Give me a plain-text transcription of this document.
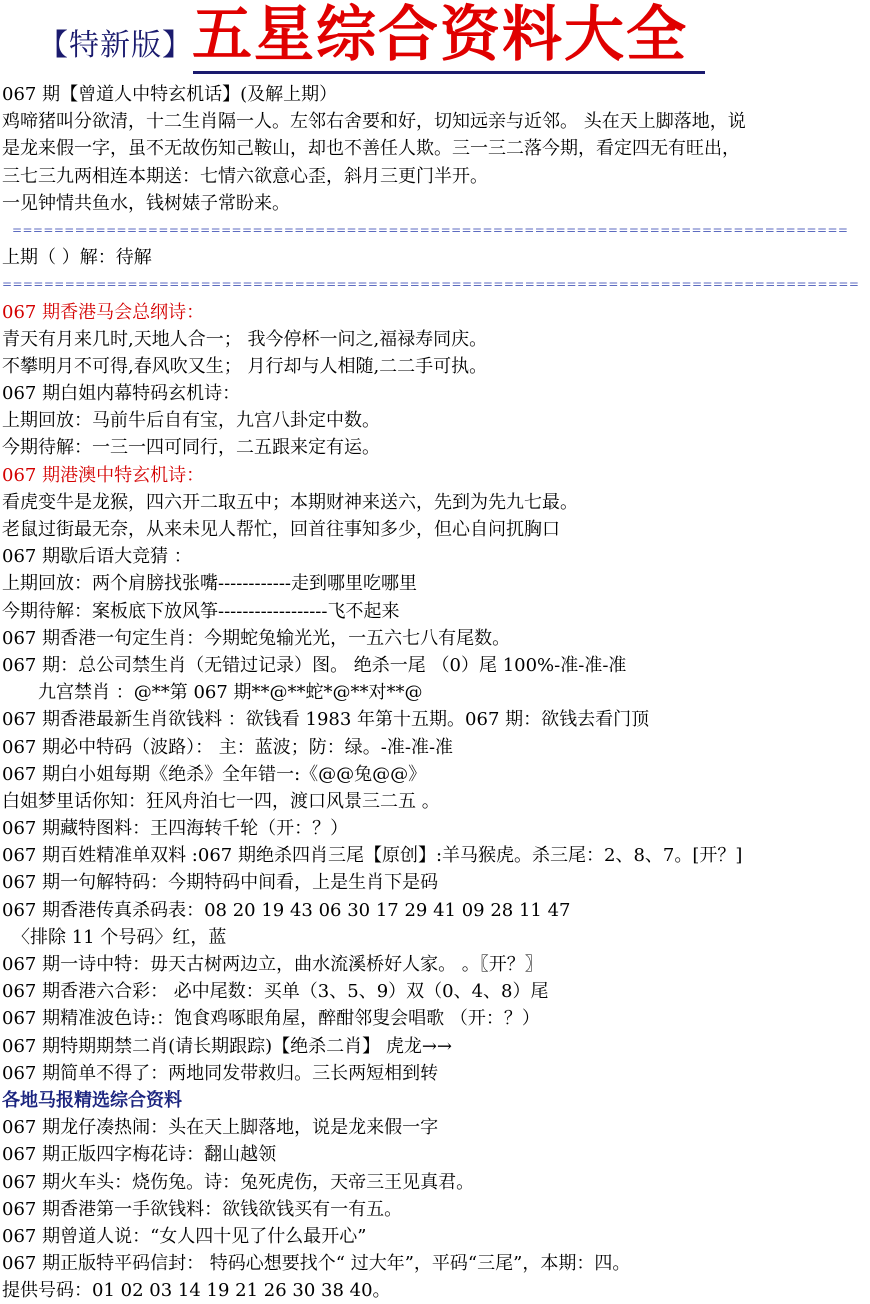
【特新版】 五星综合资料大全
067 期【曾道人中特玄机话】(及解上期）
鸡啼猪叫分欲清，十二生肖隔一人。左邻右舍要和好，切知远亲与近邻。 头在天上脚落地，说
是龙来假一字，虽不无故伤知己鞍山，却也不善任人欺。三一三二落今期，看定四无有旺出，
三七三九两相连本期送：七情六欲意心歪，斜月三更门半开。
一见钟情共鱼水，钱树婊子常盼来。
================================================================================
上期（ ）解：待解
==================================================================================
067 期香港马会总纲诗：
青天有月来几时,天地人合一； 我今停杯一问之,福禄寿同庆。
不攀明月不可得,春风吹又生； 月行却与人相随,二二手可执。
067 期白姐内幕特码玄机诗：
上期回放：马前牛后自有宝，九宫八卦定中数。
今期待解：一三一四可同行，二五跟来定有运。
067 期港澳中特玄机诗：
看虎变牛是龙猴，四六开二取五中；本期财神来送六，先到为先九七最。
老鼠过街最无奈，从来未见人帮忙，回首往事知多少，但心自问扤胸口
067 期歇后语大竞猜 ：
上期回放：两个肩膀找张嘴------------走到哪里吃哪里
今期待解：案板底下放风筝------------------飞不起来
067 期香港一句定生肖：今期蛇兔输光光，一五六七八有尾数。
067 期：总公司禁生肖（无错过记录）图。 绝杀一尾 （0）尾 100%-准-准-准
九宫禁肖 ：@**第 067 期**@**蛇*@**对**@
067 期香港最新生肖欲钱料 ：欲钱看 1983 年第十五期。067 期：欲钱去看门顶
067 期必中特码（波路）： 主：蓝波；防：绿。-准-准-准
067 期白小姐每期《绝杀》全年错一:《@@兔@@》
白姐梦里话你知：狂风舟泊七一四，渡口风景三二五 。
067 期藏特图料：王四海转千轮（开：？）
067 期百姓精准单双料 :067 期绝杀四肖三尾【原创】:羊马猴虎。杀三尾：2、8、7。[开？]
067 期一句解特码：今期特码中间看，上是生肖下是码
067 期香港传真杀码表：08 20 19 43 06 30 17 29 41 09 28 11 47
〈排除 11 个号码〉红，蓝
067 期一诗中特：毋天古树两边立，曲水流溪桥好人家。 。〖开？〗
067 期香港六合彩： 必中尾数：买单（3、5、9）双（0、4、8）尾
067 期精准波色诗:：饱食鸡啄眼角屋，醉酣邻叟会唱歌 （开：？）
067 期特期期禁二肖(请长期跟踪)【绝杀二肖】 虎龙→→
067 期简单不得了：两地同发带救归。三长两短相到转
各地马报精选综合资料
067 期龙仔凑热闹：头在天上脚落地，说是龙来假一字
067 期正版四字梅花诗：翻山越领
067 期火车头：烧伤兔。诗：兔死虎伤，天帝三王见真君。
067 期香港第一手欲钱料：欲钱欲钱买有一有五。
067 期曾道人说：“女人四十见了什么最开心”
067 期正版特平码信封： 特码心想要找个“ 过大年”，平码“三尾”，本期：四。
提供号码：01 02 03 14 19 21 26 30 38 40。
